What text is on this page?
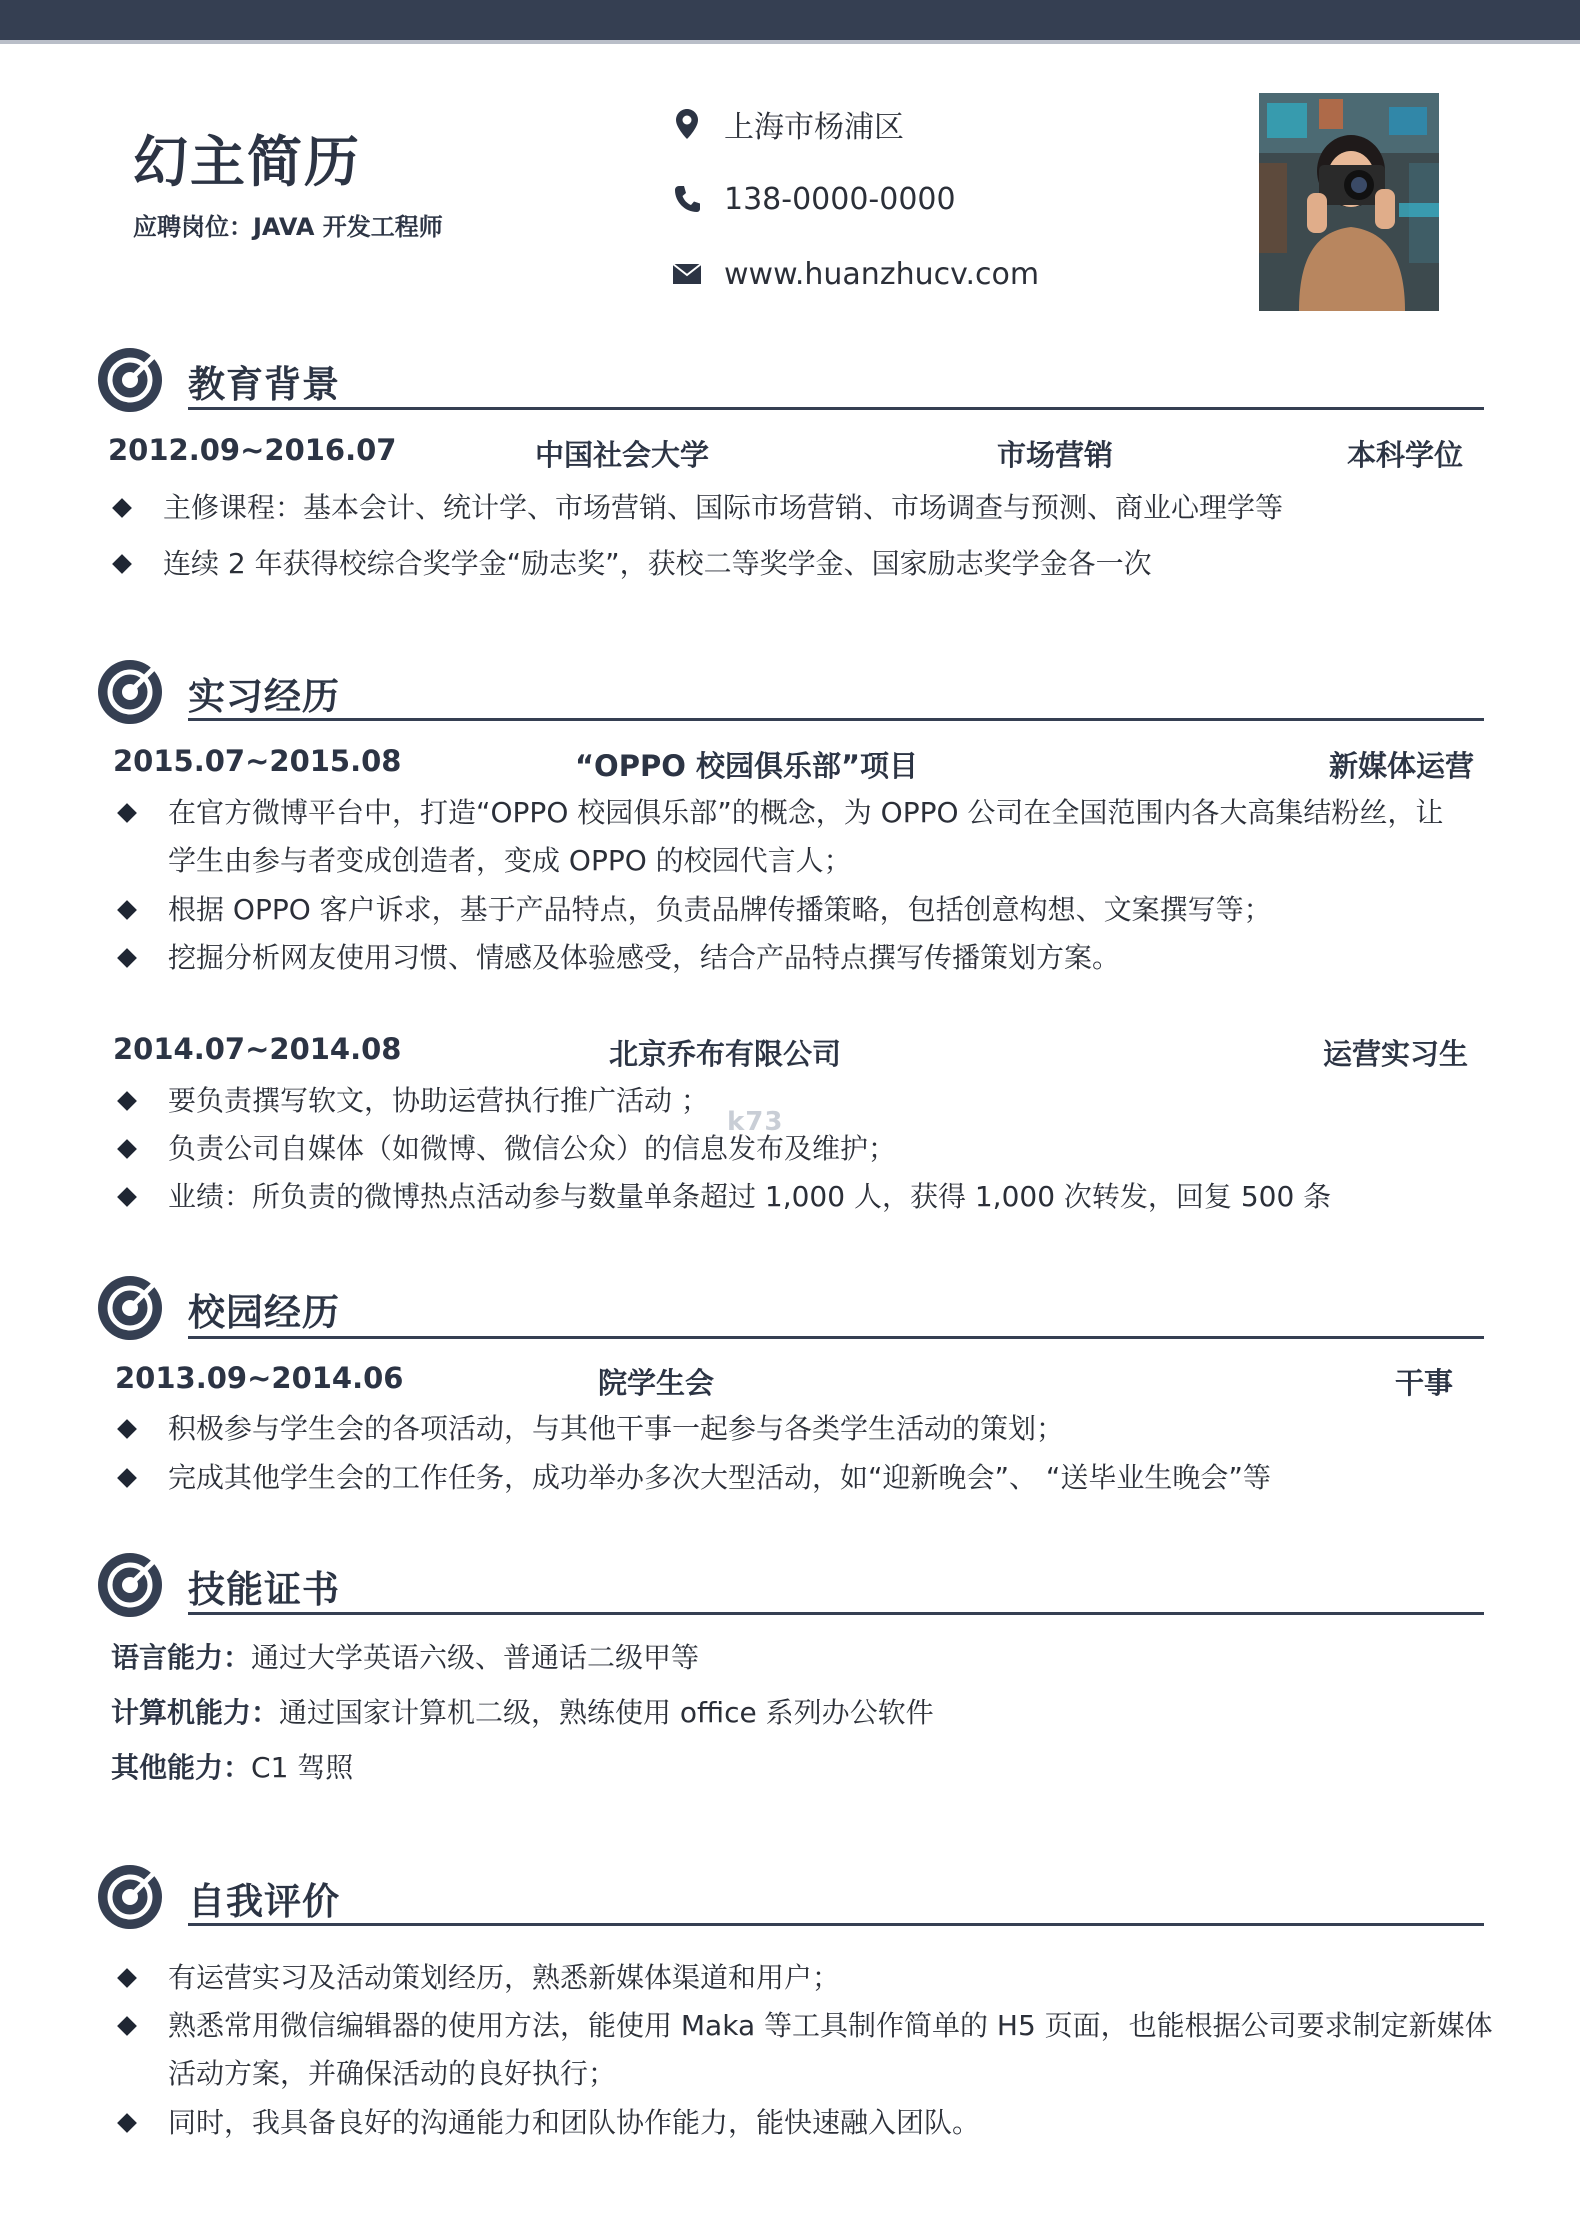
幻主简历
应聘岗位：JAVA 开发工程师
上海市杨浦区
138-0000-0000
www.huanzhucv.com
教育背景
2012.09~2016.07	中国社会大学	市场营销	本科学位
主修课程：基本会计、统计学、市场营销、国际市场营销、市场调查与预测、商业心理学等
连续 2 年获得校综合奖学金“励志奖”，获校二等奖学金、国家励志奖学金各一次
实习经历
2015.07~2015.08	“OPPO 校园俱乐部”项目	新媒体运营
在官方微博平台中，打造“OPPO 校园俱乐部”的概念，为 OPPO 公司在全国范围内各大高集结粉丝，让
学生由参与者变成创造者，变成 OPPO 的校园代言人；
根据 OPPO 客户诉求，基于产品特点，负责品牌传播策略，包括创意构想、文案撰写等；
挖掘分析网友使用习惯、情感及体验感受，结合产品特点撰写传播策划方案。
2014.07~2014.08	北京乔布有限公司	运营实习生
要负责撰写软文，协助运营执行推广活动 ；
负责公司自媒体（如微博、微信公众）的信息发布及维护；
业绩：所负责的微博热点活动参与数量单条超过 1,000 人，获得 1,000 次转发，回复 500 条
k73
校园经历
2013.09~2014.06	院学生会	干事
积极参与学生会的各项活动，与其他干事一起参与各类学生活动的策划；
完成其他学生会的工作任务，成功举办多次大型活动，如“迎新晚会”、 “送毕业生晚会”等
技能证书
语言能力：通过大学英语六级、普通话二级甲等
计算机能力：通过国家计算机二级，熟练使用 office 系列办公软件
其他能力：C1 驾照
自我评价
有运营实习及活动策划经历，熟悉新媒体渠道和用户；
熟悉常用微信编辑器的使用方法，能使用 Maka 等工具制作简单的 H5 页面，也能根据公司要求制定新媒体
活动方案，并确保活动的良好执行；
同时，我具备良好的沟通能力和团队协作能力，能快速融入团队。
